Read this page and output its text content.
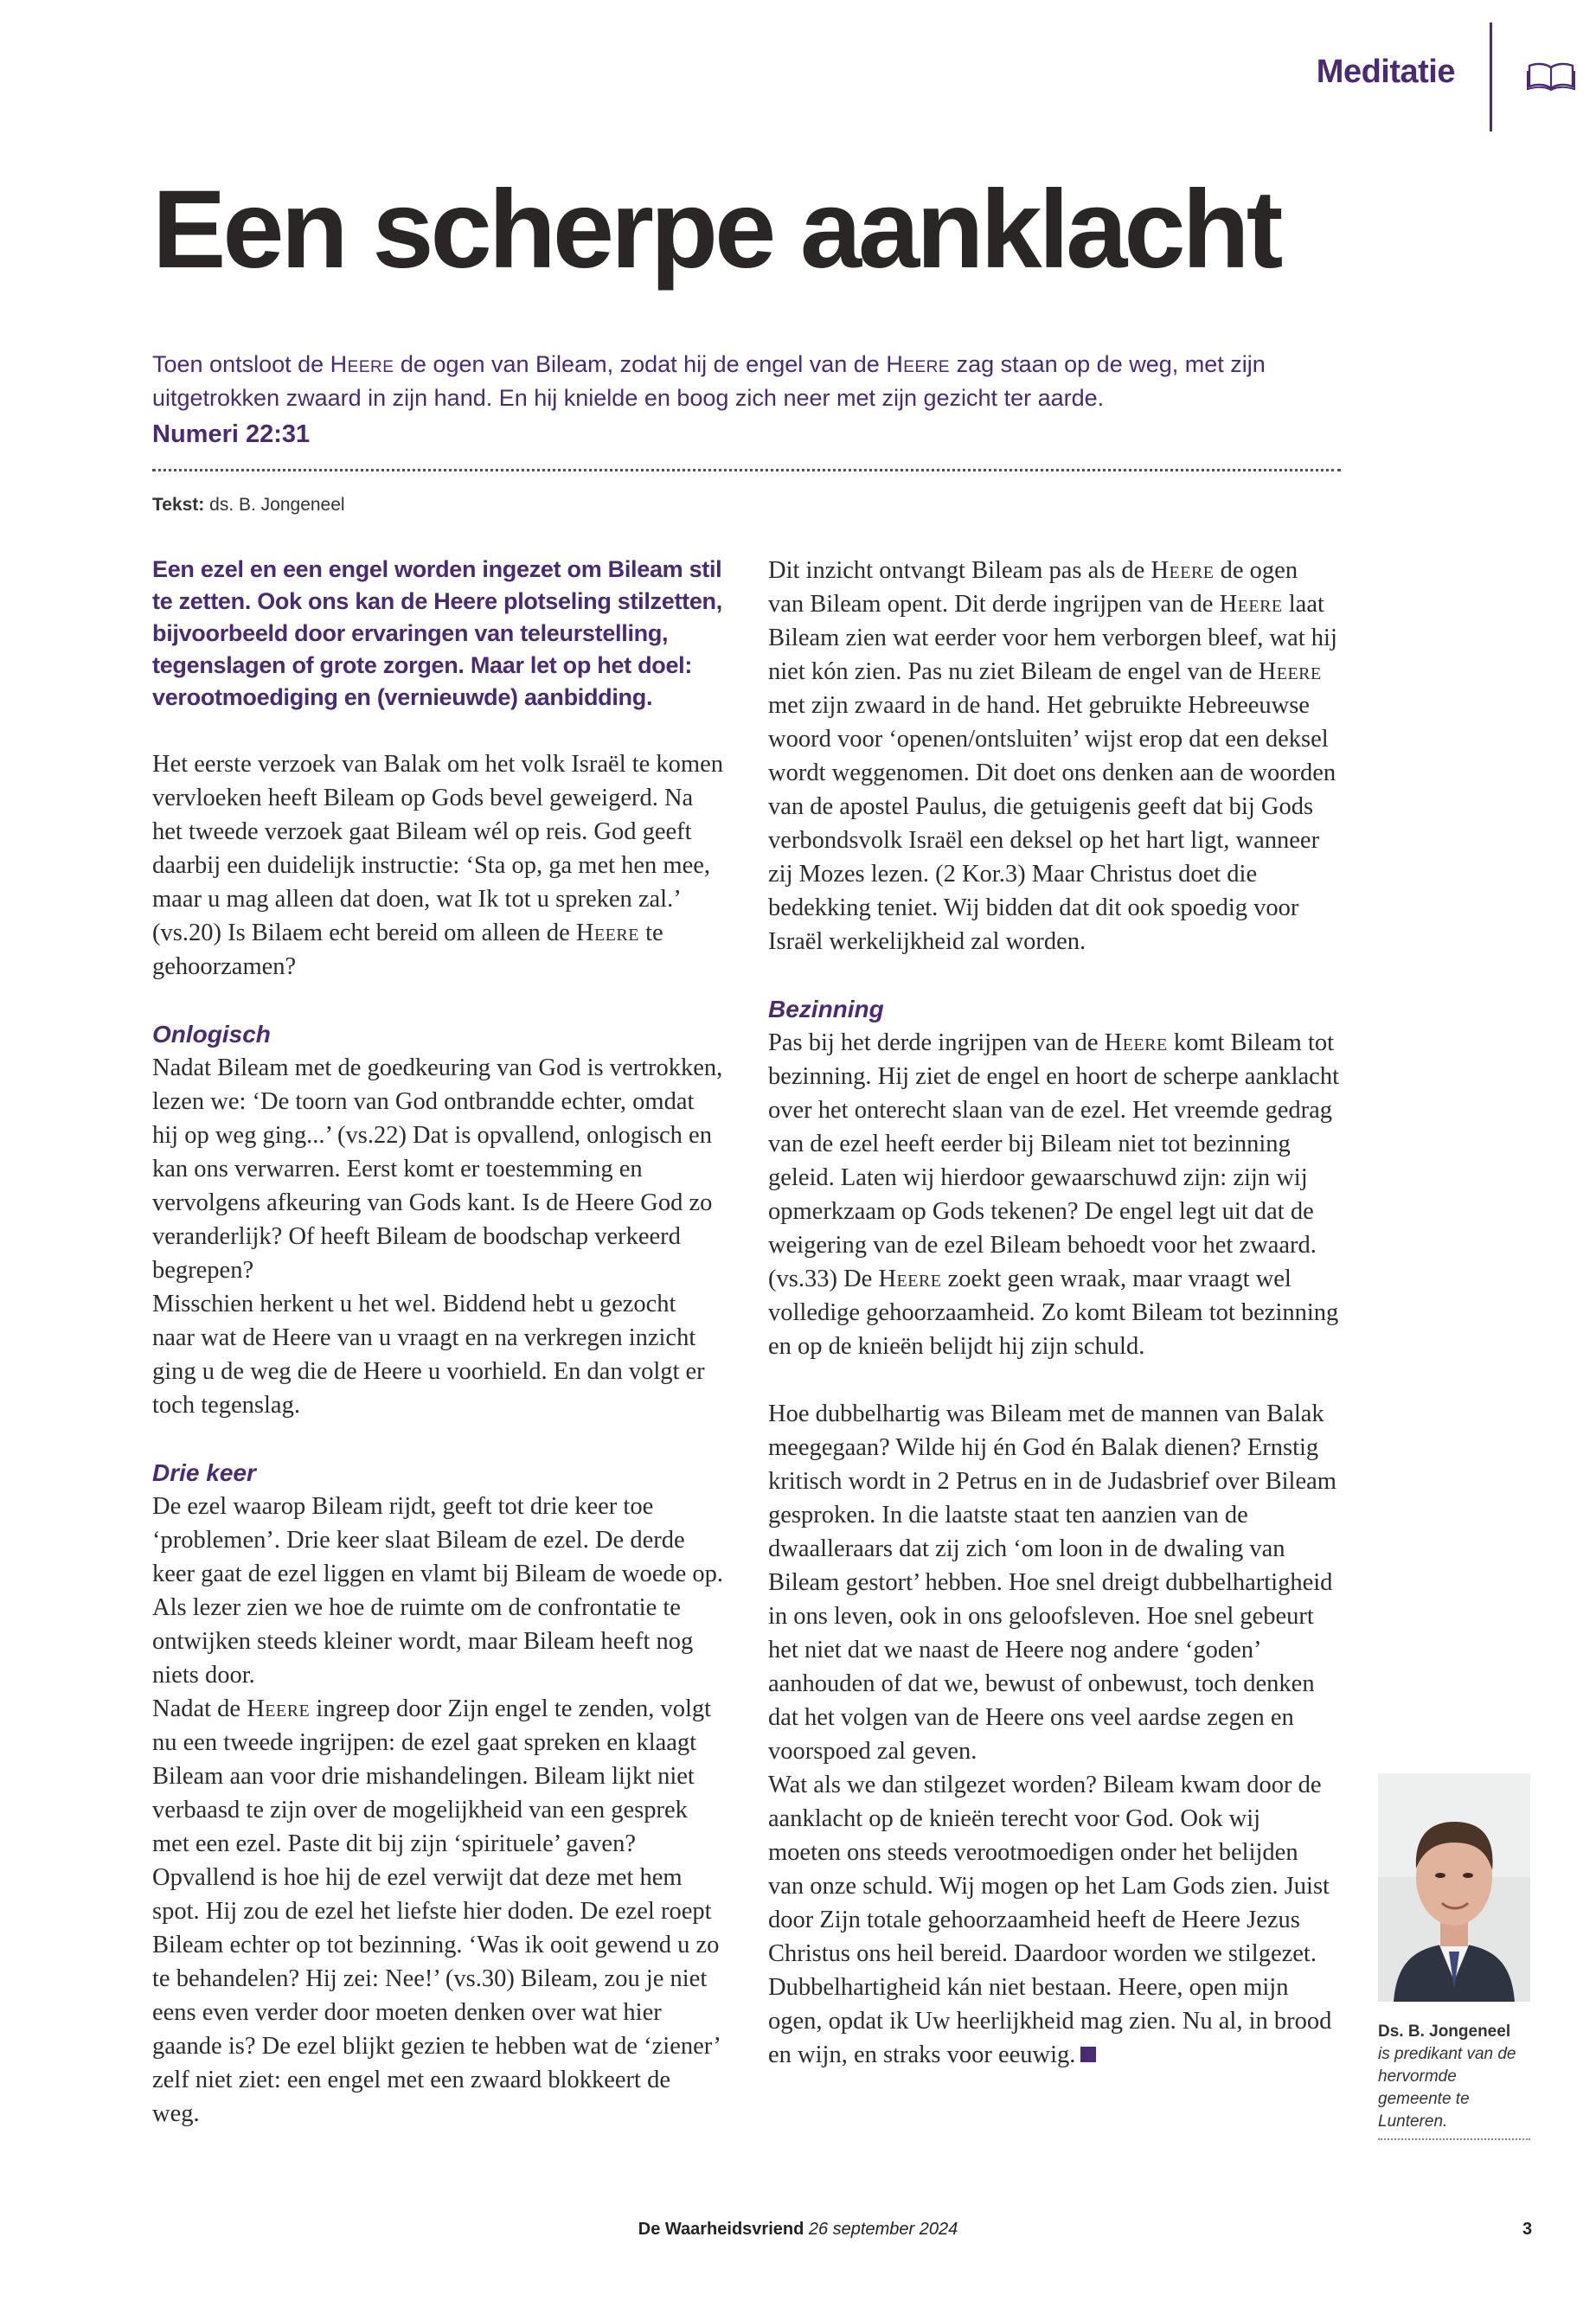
Meditatie
Een scherpe aanklacht
Toen ontsloot de Heere de ogen van Bileam, zodat hij de engel van de Heere zag staan op de weg, met zijn uitgetrokken zwaard in zijn hand. En hij knielde en boog zich neer met zijn gezicht ter aarde.
Numeri 22:31
Tekst: ds. B. Jongeneel

Een ezel en een engel worden ingezet om Bileam stil te zetten. Ook ons kan de Heere plotseling stilzetten, bijvoorbeeld door ervaringen van teleurstelling, tegenslagen of grote zorgen. Maar let op het doel: verootmoediging en (vernieuwde) aanbidding.

Het eerste verzoek van Balak om het volk Israël te komen vervloeken heeft Bileam op Gods bevel geweigerd. Na het tweede verzoek gaat Bileam wél op reis. God geeft daarbij een duidelijk instructie: ‘Sta op, ga met hen mee, maar u mag alleen dat doen, wat Ik tot u spreken zal.’ (vs.20) Is Bilaem echt bereid om alleen de Heere te gehoorzamen?

Onlogisch

Nadat Bileam met de goedkeuring van God is vertrokken, lezen we: ‘De toorn van God ontbrandde echter, omdat hij op weg ging...’ (vs.22) Dat is opvallend, onlogisch en kan ons verwarren. Eerst komt er toestemming en vervolgens afkeuring van Gods kant. Is de Heere God zo veranderlijk? Of heeft Bileam de boodschap verkeerd begrepen?

Misschien herkent u het wel. Biddend hebt u gezocht naar wat de Heere van u vraagt en na verkregen inzicht ging u de weg die de Heere u voorhield. En dan volgt er toch tegenslag.

Drie keer

De ezel waarop Bileam rijdt, geeft tot drie keer toe ‘problemen’. Drie keer slaat Bileam de ezel. De derde keer gaat de ezel liggen en vlamt bij Bileam de woede op. Als lezer zien we hoe de ruimte om de confrontatie te ontwijken steeds kleiner wordt, maar Bileam heeft nog niets door.

Nadat de Heere ingreep door Zijn engel te zenden, volgt nu een tweede ingrijpen: de ezel gaat spreken en klaagt Bileam aan voor drie mishandelingen. Bileam lijkt niet verbaasd te zijn over de mogelijkheid van een gesprek met een ezel. Paste dit bij zijn ‘spirituele’ gaven? Opvallend is hoe hij de ezel verwijt dat deze met hem spot. Hij zou de ezel het liefste hier doden. De ezel roept Bileam echter op tot bezinning. ‘Was ik ooit gewend u zo te behandelen? Hij zei: Nee!’ (vs.30) Bileam, zou je niet eens even verder door moeten denken over wat hier gaande is? De ezel blijkt gezien te hebben wat de ‘ziener’ zelf niet ziet: een engel met een zwaard blokkeert de weg.

Dit inzicht ontvangt Bileam pas als de Heere de ogen van Bileam opent. Dit derde ingrijpen van de Heere laat Bileam zien wat eerder voor hem verborgen bleef, wat hij niet kón zien. Pas nu ziet Bileam de engel van de Heere met zijn zwaard in de hand. Het gebruikte Hebreeuwse woord voor ‘openen/ontsluiten’ wijst erop dat een deksel wordt weggenomen. Dit doet ons denken aan de woorden van de apostel Paulus, die getuigenis geeft dat bij Gods verbondsvolk Israël een deksel op het hart ligt, wanneer zij Mozes lezen. (2 Kor.3) Maar Christus doet die bedekking teniet. Wij bidden dat dit ook spoedig voor Israël werkelijkheid zal worden.

Bezinning

Pas bij het derde ingrijpen van de Heere komt Bileam tot bezinning. Hij ziet de engel en hoort de scherpe aanklacht over het onterecht slaan van de ezel. Het vreemde gedrag van de ezel heeft eerder bij Bileam niet tot bezinning geleid. Laten wij hierdoor gewaarschuwd zijn: zijn wij opmerkzaam op Gods tekenen? De engel legt uit dat de weigering van de ezel Bileam behoedt voor het zwaard. (vs.33) De Heere zoekt geen wraak, maar vraagt wel volledige gehoorzaamheid. Zo komt Bileam tot bezinning en op de knieën belijdt hij zijn schuld.

Hoe dubbelhartig was Bileam met de mannen van Balak meegegaan? Wilde hij én God én Balak dienen? Ernstig kritisch wordt in 2 Petrus en in de Judasbrief over Bileam gesproken. In die laatste staat ten aanzien van de dwaalleraars dat zij zich ‘om loon in de dwaling van Bileam gestort’ hebben. Hoe snel dreigt dubbelhartigheid in ons leven, ook in ons geloofsleven. Hoe snel gebeurt het niet dat we naast de Heere nog andere ‘goden’ aanhouden of dat we, bewust of onbewust, toch denken dat het volgen van de Heere ons veel aardse zegen en voorspoed zal geven.

Wat als we dan stilgezet worden? Bileam kwam door de aanklacht op de knieën terecht voor God. Ook wij moeten ons steeds verootmoedigen onder het belijden van onze schuld. Wij mogen op het Lam Gods zien. Juist door Zijn totale gehoorzaamheid heeft de Heere Jezus Christus ons heil bereid. Daardoor worden we stilgezet. Dubbelhartigheid kán niet bestaan. Heere, open mijn ogen, opdat ik Uw heerlijkheid mag zien. Nu al, in brood en wijn, en straks voor eeuwig.

Ds. B. Jongeneel
is predikant van de hervormde gemeente te Lunteren.
De Waarheidsvriend 26 september 2024	3
